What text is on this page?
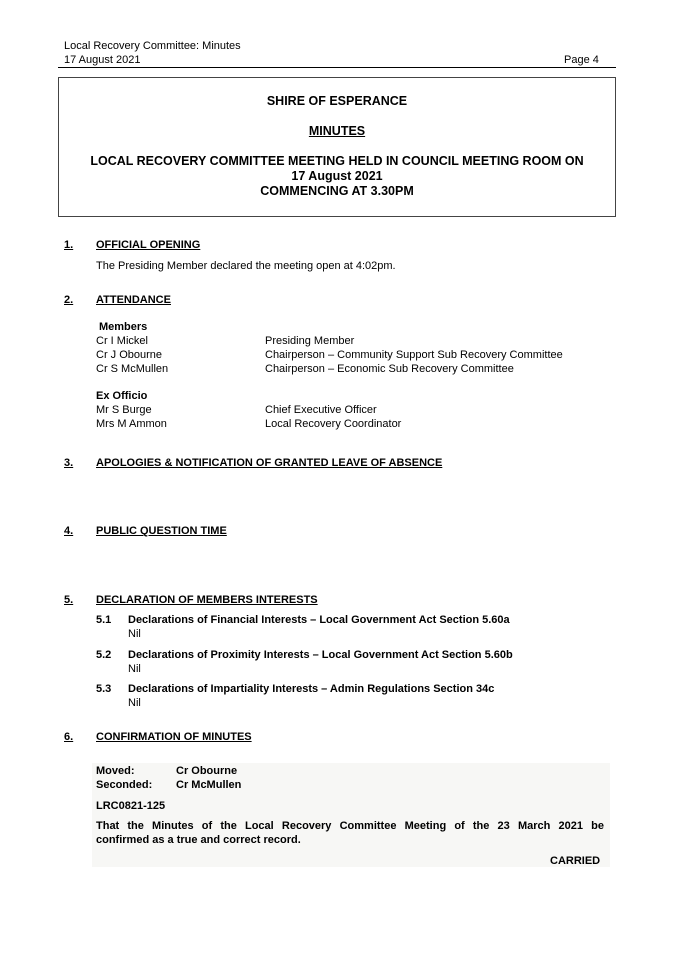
Local Recovery Committee: Minutes
17 August 2021	Page 4
SHIRE OF ESPERANCE
MINUTES
LOCAL RECOVERY COMMITTEE MEETING HELD IN COUNCIL MEETING ROOM ON
17 August 2021
COMMENCING AT 3.30PM
1. OFFICIAL OPENING
The Presiding Member declared the meeting open at 4:02pm.
2. ATTENDANCE
Members
Cr I Mickel	Presiding Member
Cr J Obourne	Chairperson – Community Support Sub Recovery Committee
Cr S McMullen	Chairperson – Economic Sub Recovery Committee
Ex Officio
Mr S Burge	Chief Executive Officer
Mrs M Ammon	Local Recovery Coordinator
3. APOLOGIES & NOTIFICATION OF GRANTED LEAVE OF ABSENCE
4. PUBLIC QUESTION TIME
5. DECLARATION OF MEMBERS INTERESTS
5.1 Declarations of Financial Interests – Local Government Act Section 5.60a
Nil
5.2 Declarations of Proximity Interests – Local Government Act Section 5.60b
Nil
5.3 Declarations of Impartiality Interests – Admin Regulations Section 34c
Nil
6. CONFIRMATION OF MINUTES
Moved:	Cr Obourne
Seconded: Cr McMullen
LRC0821-125
That the Minutes of the Local Recovery Committee Meeting of the 23 March 2021 be
confirmed as a true and correct record.
CARRIED
